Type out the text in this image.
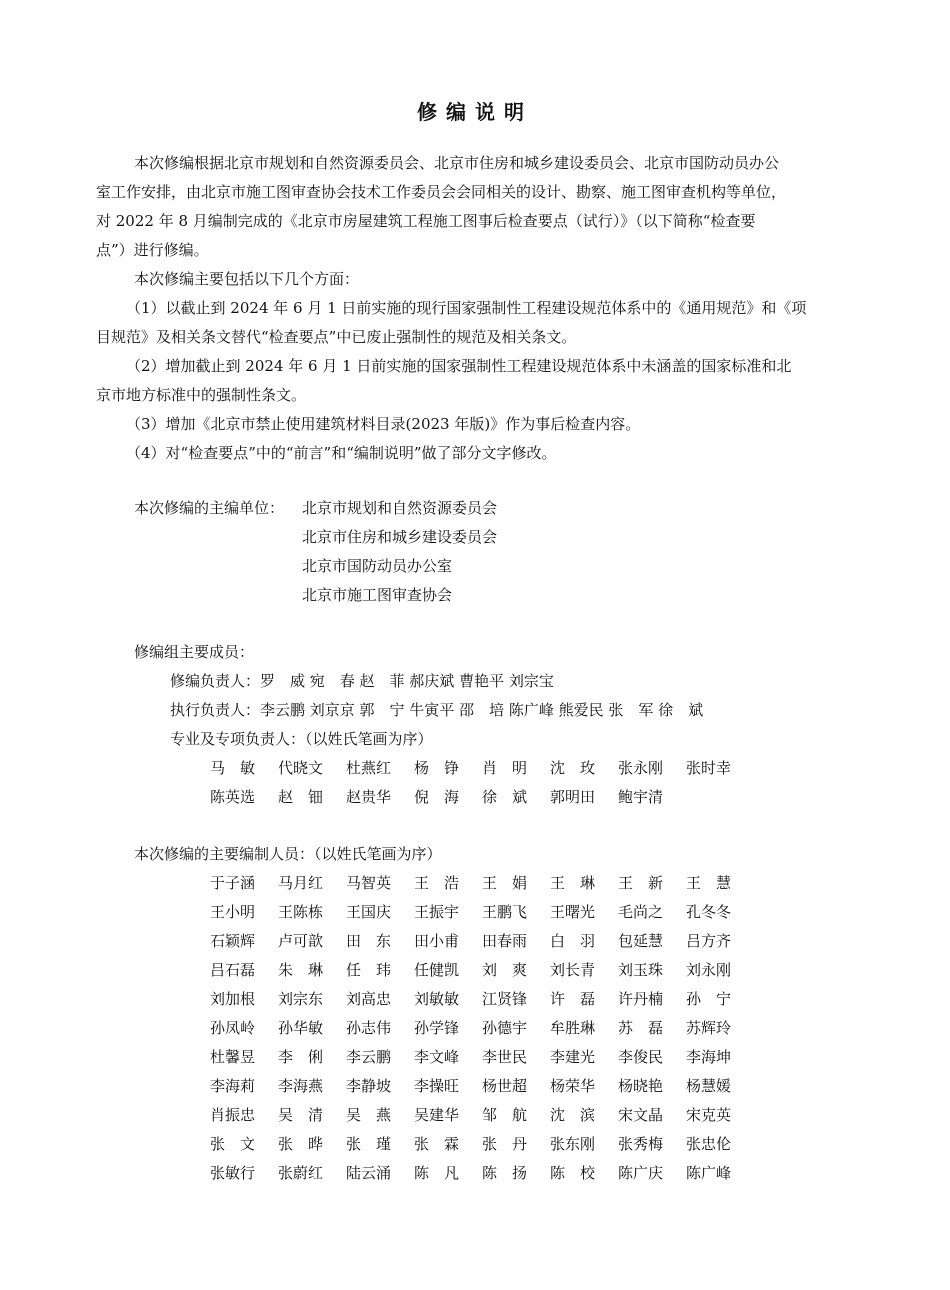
修编说明
本次修编根据北京市规划和自然资源委员会、北京市住房和城乡建设委员会、北京市国防动员办公
室工作安排，由北京市施工图审查协会技术工作委员会会同相关的设计、勘察、施工图审查机构等单位，
对 2022 年 8 月编制完成的《北京市房屋建筑工程施工图事后检查要点（试行）》（以下简称“检查要
点”）进行修编。
本次修编主要包括以下几个方面：
（1）以截止到 2024 年 6 月 1 日前实施的现行国家强制性工程建设规范体系中的《通用规范》和《项
目规范》及相关条文替代“检查要点”中已废止强制性的规范及相关条文。
（2）增加截止到 2024 年 6 月 1 日前实施的国家强制性工程建设规范体系中未涵盖的国家标准和北
京市地方标准中的强制性条文。
（3）增加《北京市禁止使用建筑材料目录(2023 年版)》作为事后检查内容。
（4）对“检查要点”中的“前言”和“编制说明”做了部分文字修改。
本次修编的主编单位： 北京市规划和自然资源委员会
北京市住房和城乡建设委员会
北京市国防动员办公室
北京市施工图审查协会
修编组主要成员：
修编负责人：罗　威 宛　春 赵　菲 郝庆斌 曹艳平 刘宗宝
执行负责人：李云鹏 刘京京 郭　宁 牛寅平 邵　培 陈广峰 熊爱民 张　军 徐　斌
专业及专项负责人：（以姓氏笔画为序）
马　敏	代晓文	杜燕红	杨　铮	肖　明	沈　玫	张永刚	张时幸
陈英选	赵　钿	赵贵华	倪　海	徐　斌	郭明田	鲍宇清
本次修编的主要编制人员：（以姓氏笔画为序）
于子涵	马月红	马智英	王　浩	王　娟	王　琳	王　新	王　慧
王小明	王陈栋	王国庆	王振宇	王鹏飞	王曙光	毛尚之	孔冬冬
石颖辉	卢可歆	田　东	田小甫	田春雨	白　羽	包延慧	吕方齐
吕石磊	朱　琳	任　玮	任健凯	刘　爽	刘长青	刘玉珠	刘永刚
刘加根	刘宗东	刘高忠	刘敏敏	江贤锋	许　磊	许丹楠	孙　宁
孙凤岭	孙华敏	孙志伟	孙学锋	孙德宇	牟胜琳	苏　磊	苏辉玲
杜馨昱	李　俐	李云鹏	李文峰	李世民	李建光	李俊民	李海坤
李海莉	李海燕	李静坡	李操旺	杨世超	杨荣华	杨晓艳	杨慧媛
肖振忠	吴　清	吴　燕	吴建华	邹　航	沈　滨	宋文晶	宋克英
张　文	张　晔	张　瑾	张　霖	张　丹	张东刚	张秀梅	张忠伦
张敏行	张蔚红	陆云涌	陈　凡	陈　扬	陈　校	陈广庆	陈广峰
